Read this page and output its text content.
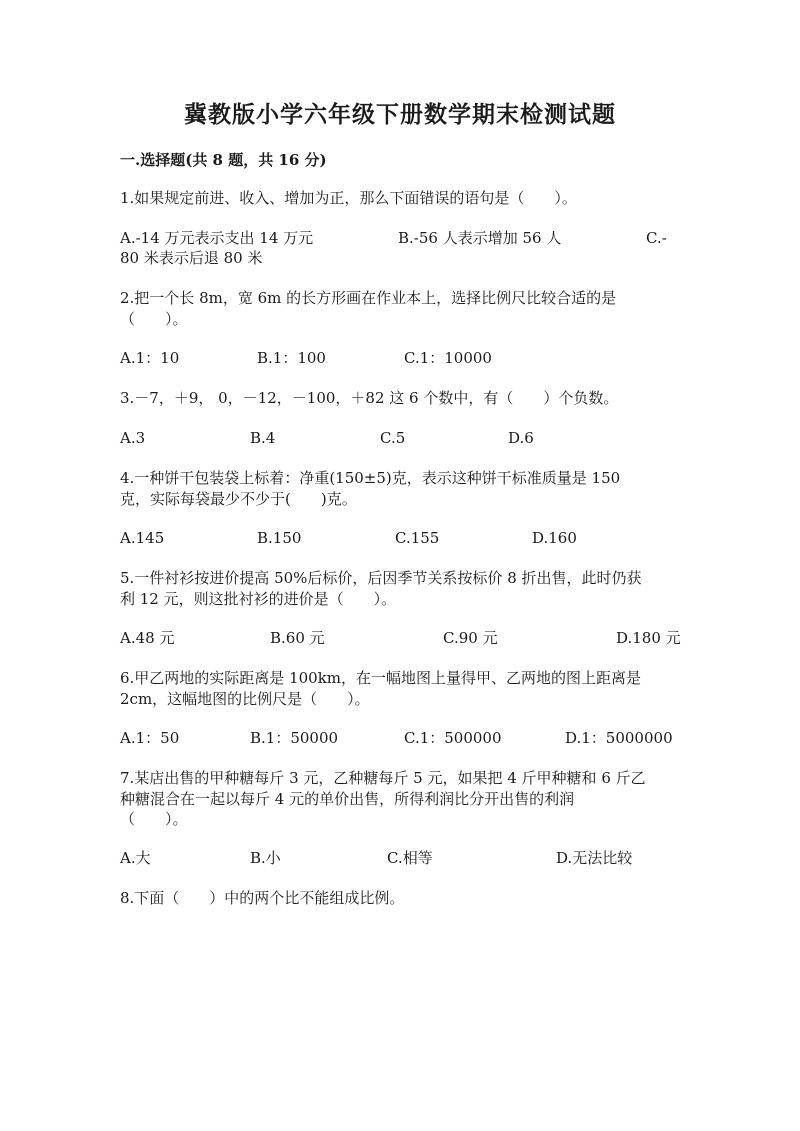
冀教版小学六年级下册数学期末检测试题
一.选择题(共 8 题，共 16 分)
1.如果规定前进、收入、增加为正，那么下面错误的语句是（　　）。
A.-14 万元表示支出 14 万元	B.-56 人表示增加 56 人	C.-
80 米表示后退 80 米
2.把一个长 8m，宽 6m 的长方形画在作业本上，选择比例尺比较合适的是
（　　）。
A.1：10	B.1：100	C.1：10000
3.－7，＋9， 0，－12，－100，＋82 这 6 个数中，有（　　）个负数。
A.3	B.4	C.5	D.6
4.一种饼干包装袋上标着：净重(150±5)克，表示这种饼干标准质量是 150
克，实际每袋最少不少于(　　)克。
A.145	B.150	C.155	D.160
5.一件衬衫按进价提高 50%后标价，后因季节关系按标价 8 折出售，此时仍获
利 12 元，则这批衬衫的进价是（　　）。
A.48 元	B.60 元	C.90 元	D.180 元
6.甲乙两地的实际距离是 100km，在一幅地图上量得甲、乙两地的图上距离是
2cm，这幅地图的比例尺是（　　）。
A.1：50	B.1：50000	C.1：500000	D.1：5000000
7.某店出售的甲种糖每斤 3 元，乙种糖每斤 5 元，如果把 4 斤甲种糖和 6 斤乙
种糖混合在一起以每斤 4 元的单价出售，所得利润比分开出售的利润
（　　）。
A.大	B.小	C.相等	D.无法比较
8.下面（　　）中的两个比不能组成比例。
